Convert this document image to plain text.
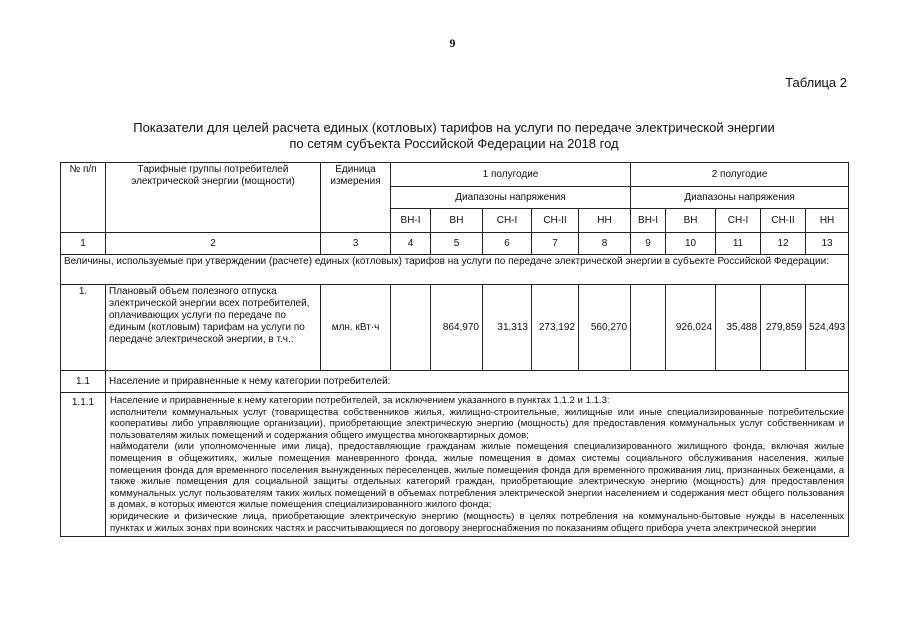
9
Таблица 2
Показатели для целей расчета единых (котловых) тарифов на услуги по передаче электрической энергии
по сетям субъекта Российской Федерации на 2018 год
№ п/п	Тарифные группы потребителей электрической энергии (мощности)	Единица измерения	1 полугодие					2 полугодие				
			Диапазоны напряжения					Диапазоны напряжения				
			ВН-I	ВН	СН-I	СН-II	НН	ВН-I	ВН	СН-I	СН-II	НН
1	2	3	4	5	6	7	8	9	10	11	12	13
Величины, используемые при утверждении (расчете) единых (котловых) тарифов на услуги по передаче электрической энергии в субъекте Российской Федерации:												
1.	Плановый объем полезного отпуска электрической энергии всех потребителей, оплачивающих услуги по передаче по единым (котловым) тарифам на услуги по передаче электрической энергии, в т.ч.:	млн. кВт·ч		864,970	31,313	273,192	560,270		926,024	35,488	279,859	524,493
1.1	Население и приравненные к нему категории потребителей:											
1.1.1	Население и приравненные к нему категории потребителей, за исключением указанного в пунктах 1.1.2 и 1.1.3:

исполнители коммунальных услуг (товарищества собственников жилья, жилищно-строительные, жилищные или иные специализированные потребительские кооперативы либо управляющие организации), приобретающие электрическую энергию (мощность) для предоставления коммунальных услуг собственникам и пользователям жилых помещений и содержания общего имущества многоквартирных домов;

наймодатели (или уполномоченные ими лица), предоставляющие гражданам жилые помещения специализированного жилищного фонда, включая жилые помещения в общежитиях, жилые помещения маневренного фонда, жилые помещения в домах системы социального обслуживания населения, жилые помещения фонда для временного поселения вынужденных переселенцев, жилые помещения фонда для временного проживания лиц, признанных беженцами, а также жилые помещения для социальной защиты отдельных категорий граждан, приобретающие электрическую энергию (мощность) для предоставления коммунальных услуг пользователям таких жилых помещений в объемах потребления электрической энергии населением и содержания мест общего пользования в домах, в которых имеются жилые помещения специализированного жилого фонда;

юридические и физические лица, приобретающие электрическую энергию (мощность) в целях потребления на коммунально-бытовые нужды в населенных пунктах и жилых зонах при воинских частях и рассчитывающиеся по договору энергоснабжения по показаниям общего прибора учета электрической энергии											
